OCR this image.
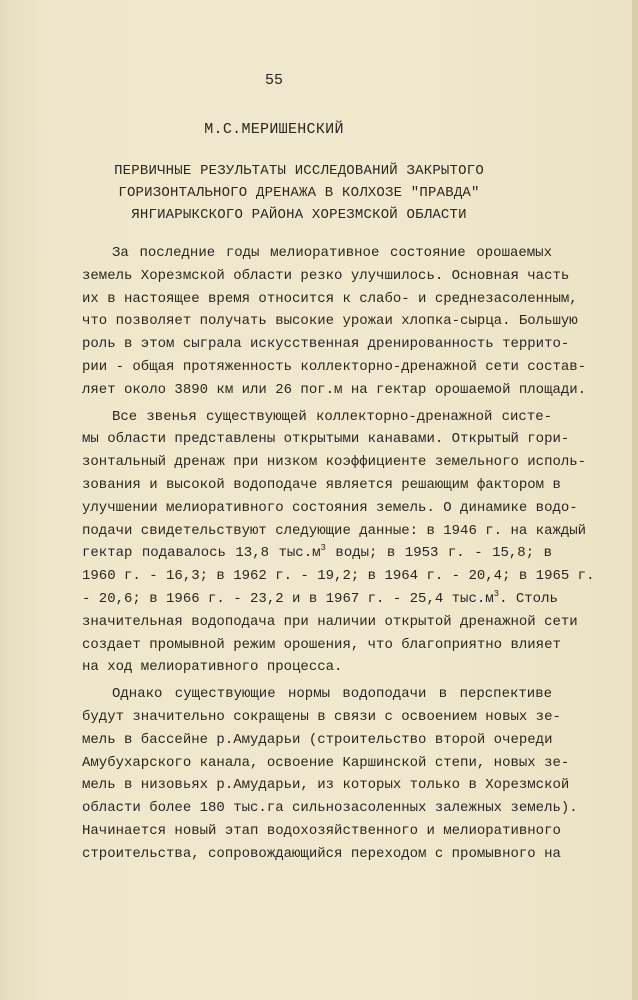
55
М.С.МЕРИШЕНСКИЙ
ПЕРВИЧНЫЕ РЕЗУЛЬТАТЫ ИССЛЕДОВАНИЙ ЗАКРЫТОГО
ГОРИЗОНТАЛЬНОГО ДРЕНАЖА В КОЛХОЗЕ "ПРАВДА"
ЯНГИАРЫКСКОГО РАЙОНА ХОРЕЗМСКОЙ ОБЛАСТИ
За последние годы мелиоративное состояние орошаемых
земель Хорезмской области резко улучшилось. Основная часть
их в настоящее время относится к слабо- и среднезасоленным,
что позволяет получать высокие урожаи хлопка-сырца. Большую
роль в этом сыграла искусственная дренированность террито-
рии - общая протяженность коллекторно-дренажной сети состав-
ляет около 3890 км или 26 пог.м на гектар орошаемой площади.
Все звенья существующей коллекторно-дренажной систе-
мы области представлены открытыми канавами. Открытый гори-
зонтальный дренаж при низком коэффициенте земельного исполь-
зования и высокой водоподаче является решающим фактором в
улучшении мелиоративного состояния земель. О динамике водо-
подачи свидетельствуют следующие данные: в 1946 г. на каждый
гектар подавалось 13,8 $тыс.м^3$ воды; в 1953 г. - 15,8; в
1960 г. - 16,3; в 1962 г. - 19,2; в 1964 г. - 20,4; в 1965 г.
- 20,6; в 1966 г. - 23,2 и в 1967 г. - 25,4 $тыс.м^3$. Столь
значительная водоподача при наличии открытой дренажной сети
создает промывной режим орошения, что благоприятно влияет
на ход мелиоративного процесса.
Однако существующие нормы водоподачи в перспективе
будут значительно сокращены в связи с освоением новых зе-
мель в бассейне р.Амударьи (строительство второй очереди
Амубухарского канала, освоение Каршинской степи, новых зе-
мель в низовьях р.Амударьи, из которых только в Хорезмской
области более 180 тыс.га сильнозасоленных залежных земель).
Начинается новый этап водохозяйственного и мелиоративного
строительства, сопровождающийся переходом с промывного на
